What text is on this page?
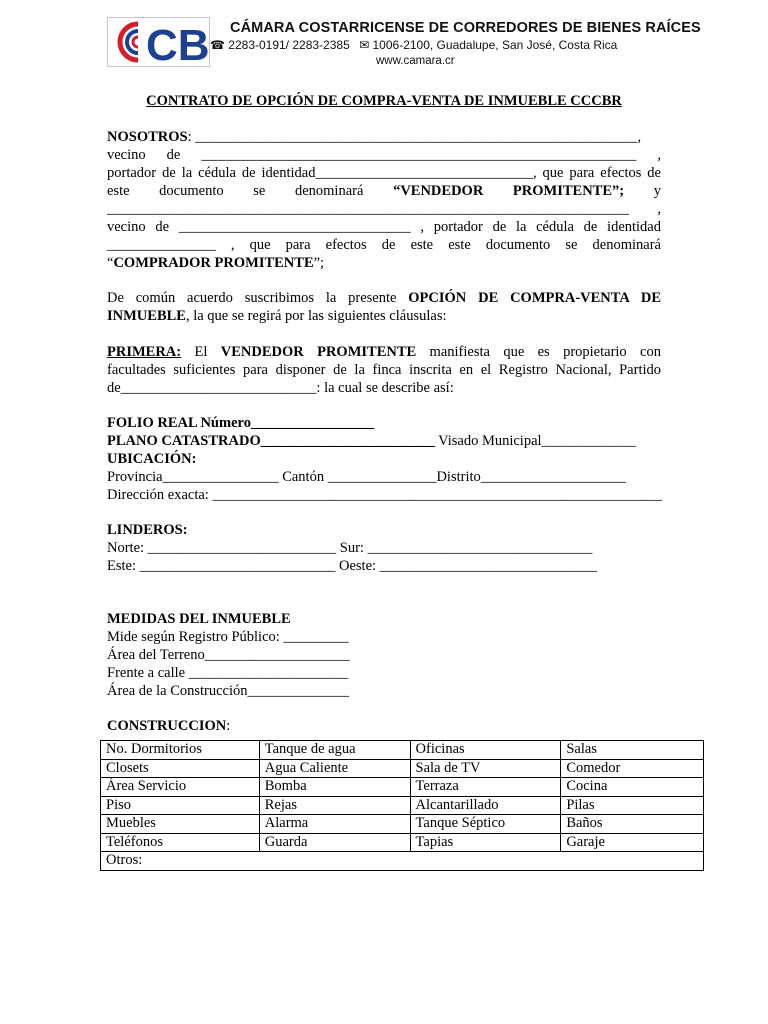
CB	CÁMARA COSTARRICENSE DE CORREDORES DE BIENES RAÍCES
☎ 2283-0191/ 2283-2385 ✉ 1006-2100, Guadalupe, San José, Costa Rica
www.camara.cr
CONTRATO DE OPCIÓN DE COMPRA-VENTA DE INMUEBLE CCCBR
NOSOTROS: _____________________________________________________________,
vecino de ____________________________________________________________ ,
portador de la cédula de identidad______________________________, que para efectos de
este documento se denominará “VENDEDOR PROMITENTE”; y
________________________________________________________________________ ,
vecino de ________________________________ , portador de la cédula de identidad
_______________ , que para efectos de este este documento se denominará
“COMPRADOR PROMITENTE”;
De común acuerdo suscribimos la presente OPCIÓN DE COMPRA-VENTA DE
INMUEBLE, la que se regirá por las siguientes cláusulas:
PRIMERA: El VENDEDOR PROMITENTE manifiesta que es propietario con
facultades suficientes para disponer de la finca inscrita en el Registro Nacional, Partido
de___________________________: la cual se describe así:
FOLIO REAL Número_________________
PLANO CATASTRADO________________________ Visado Municipal_____________
UBICACIÓN:
Provincia________________ Cantón _______________Distrito____________________
Dirección exacta: ______________________________________________________________
LINDEROS:
Norte: __________________________ Sur: _______________________________
Este: ___________________________ Oeste: ______________________________
MEDIDAS DEL INMUEBLE
Mide según Registro Público: _________
Área del Terreno____________________
Frente a calle ______________________
Área de la Construcción______________
CONSTRUCCION:
No. Dormitorios	Tanque de agua	Oficinas	Salas
Closets	Agua Caliente	Sala de TV	Comedor
Área Servicio	Bomba	Terraza	Cocina
Piso	Rejas	Alcantarillado	Pilas
Muebles	Alarma	Tanque Séptico	Baños
Teléfonos	Guarda	Tapias	Garaje
Otros:			
